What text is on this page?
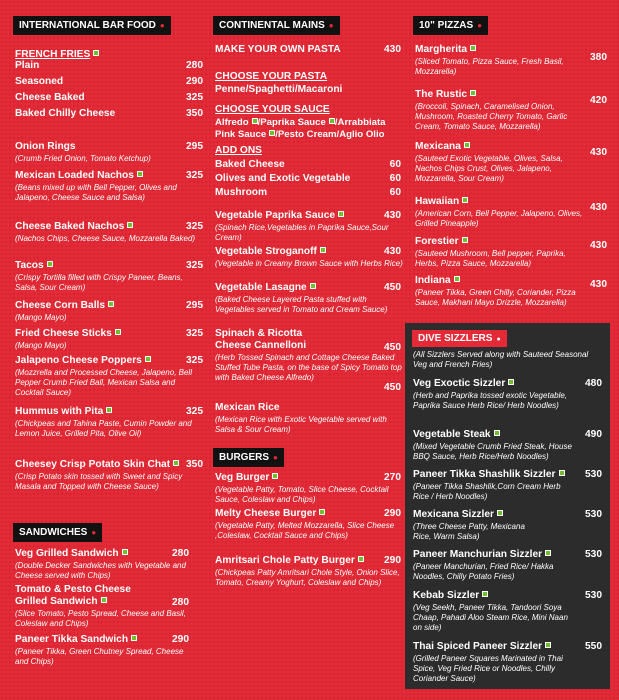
INTERNATIONAL BAR FOOD ●
FRENCH FRIES
Plain	280
Seasoned	290
Cheese Baked	325
Baked Chilly Cheese	350
Onion Rings	295
(Crumb Fried Onion, Tomato Ketchup)
Mexican Loaded Nachos	325
(Beans mixed up with Bell Pepper, Olives and Jalapeno, Cheese Sauce and Salsa)
Cheese Baked Nachos	325
(Nachos Chips, Cheese Sauce, Mozzarella Baked)
Tacos	325
(Crispy Tortilla filled with Crispy Paneer, Beans, Salsa, Sour Cream)
Cheese Corn Balls	295
(Mango Mayo)
Fried Cheese Sticks	325
(Mango Mayo)
Jalapeno Cheese Poppers	325
(Mozzrella and Processed Cheese, Jalapeno, Bell Pepper Crumb Fried Ball, Mexican Salsa and Cocktail Sauce)
Hummus with Pita	325
(Chickpeas and Tahina Paste, Cumin Powder and Lemon Juice, Grilled Pita, Olive Oil)
Cheesey Crisp Potato Skin Chat	350
(Crisp Potato skin tossed with Sweet and Spicy Masala and Topped with Cheese Sauce)
SANDWICHES ●
Veg Grilled Sandwich	280
(Double Decker Sandwiches with Vegetable and Cheese served with Chips)
Tomato & Pesto Cheese Grilled Sandwich	280
(Slice Tomato, Pesto Spread, Cheese and Basil, Coleslaw and Chips)
Paneer Tikka Sandwich	290
(Paneer Tikka, Green Chutney Spread, Cheese and Chips)
CONTINENTAL MAINS ●
MAKE YOUR OWN PASTA	430
CHOOSE YOUR PASTA
Penne/Spaghetti/Macaroni
CHOOSE YOUR SAUCE
Alfredo /Paprika Sauce /Arrabbiata
Pink Sauce /Pesto Cream/Aglio Olio
ADD ONS
Baked Cheese	60
Olives and Exotic Vegetable	60
Mushroom	60
Vegetable Paprika Sauce	430
(Spinach Rice,Vegetables in Paprika Sauce,Sour Cream)
Vegetable Stroganoff	430
(Vegetable in Creamy Brown Sauce with Herbs Rice)
Vegetable Lasagne	450
(Baked Cheese Layered Pasta stuffed with Vegetables served in Tomato and Cream Sauce)
Spinach & Ricotta Cheese Cannelloni	450
(Herb Tossed Spinach and Cottage Cheese Baked Stuffed Tube Pasta, on the base of Spicy Tomato top with Baked Cheese Alfredo)
Mexican Rice
450
(Mexican Rice with Exotic Vegetable served with Salsa & Sour Cream)
BURGERS ●
Veg Burger	270
(Vegetable Patty, Tomato, Slice Cheese, Cocktail Sauce, Coleslaw and Chips)
Melty Cheese Burger	290
(Vegetable Patty, Melted Mozzarella, Slice Cheese ,Coleslaw, Cocktail Sauce and Chips)
Amritsari Chole Patty Burger	290
(Chickpeas Patty Amritsari Chole Style, Onion Slice, Tomato, Creamy Yoghurt, Coleslaw and Chips)
10" PIZZAS ●
Margherita
380
(Sliced Tomato, Pizza Sauce, Fresh Basil, Mozzarella)
The Rustic
420
(Broccoli, Spinach, Caramelised Onion, Mushroom, Roasted Cherry Tomato, Garlic Cream, Tomato Sauce, Mozzarella)
Mexicana
430
(Sauteed Exotic Vegetable, Olives, Salsa, Nachos Chips Crust, Olives, Jalapeno, Mozzarella, Sour Cream)
Hawaiian
430
(American Corn, Bell Pepper, Jalapeno, Olives, Grilled Pineapple)
Forestier	430
(Sauteed Mushroom, Bell pepper, Paprika, Herbs, Pizza Sauce, Mozzarella)
Indiana	430
(Paneer Tikka, Green Chilly, Coriander, Pizza Sauce, Makhani Mayo Drizzle, Mozzarella)
DIVE SIZZLERS ●
(All Sizzlers Served along with Sauteed Seasonal Veg and French Fries)
Veg Exoctic Sizzler	480
(Herb and Paprika tossed exotic Vegetable, Paprika Sauce Herb Rice/ Herb Noodles)
Vegetable Steak	490
(Mixed Vegetable Crumb Fried Steak, House BBQ Sauce, Herb Rice/Herb Noodles)
Paneer Tikka Shashlik Sizzler	530
(Paneer Tikka Shashlik,Corn Cream Herb Rice / Herb Noodles)
Mexicana Sizzler	530
(Three Cheese Patty, Mexicana Rice, Warm Salsa)
Paneer Manchurian Sizzler	530
(Paneer Manchurian, Fried Rice/ Hakka Noodles, Chilly Potato Fries)
Kebab Sizzler	530
(Veg Seekh, Paneer Tikka, Tandoori Soya Chaap, Pahadi Aloo Steam Rice, Mini Naan on side)
Thai Spiced Paneer Sizzler	550
(Grilled Paneer Squares Marinated in Thai Spice, Veg Fried Rice or Noodles, Chilly Coriander Sauce)
